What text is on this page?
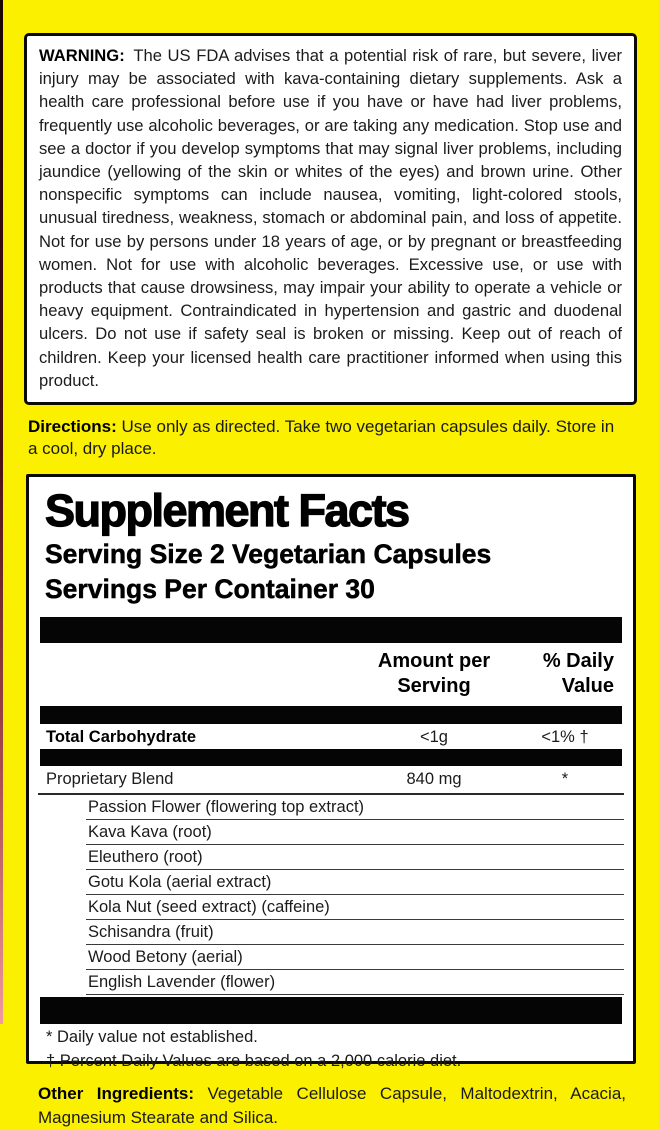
WARNING:  The US FDA advises that a potential risk of rare, but severe, liver injury may be associated with kava-containing dietary supplements. Ask a health care professional before use if you have or have had liver problems, frequently use alcoholic beverages, or are taking any medication. Stop use and see a doctor if you develop symptoms that may signal liver problems, including jaundice (yellowing of the skin or whites of the eyes) and brown urine. Other nonspecific symptoms can include nausea, vomiting, light-colored stools, unusual tiredness, weakness, stomach or abdominal pain, and loss of appetite. Not for use by persons under 18 years of age, or by pregnant or breastfeeding women. Not for use with alcoholic beverages. Excessive use, or use with products that cause drowsiness, may impair your ability to operate a vehicle or heavy equipment. Contraindicated in hypertension and gastric and duodenal ulcers. Do not use if safety seal is broken or missing. Keep out of reach of children. Keep your licensed health care practitioner informed when using this product.

Directions: Use only as directed. Take two vegetarian capsules daily. Store in a cool, dry place.

Supplement Facts
Serving Size 2 Vegetarian Capsules
Servings Per Container 30
Amount per
Serving
% Daily
Value
Total Carbohydrate	<1g	<1% †
Proprietary Blend	840 mg	*
Passion Flower (flowering top extract)
Kava Kava (root)
Eleuthero (root)
Gotu Kola (aerial extract)
Kola Nut (seed extract) (caffeine)
Schisandra (fruit)
Wood Betony (aerial)
English Lavender (flower)
* Daily value not established.
† Percent Daily Values are based on a 2,000 calorie diet.

Other Ingredients: Vegetable Cellulose Capsule, Maltodextrin, Acacia, Magnesium Stearate and Silica.
